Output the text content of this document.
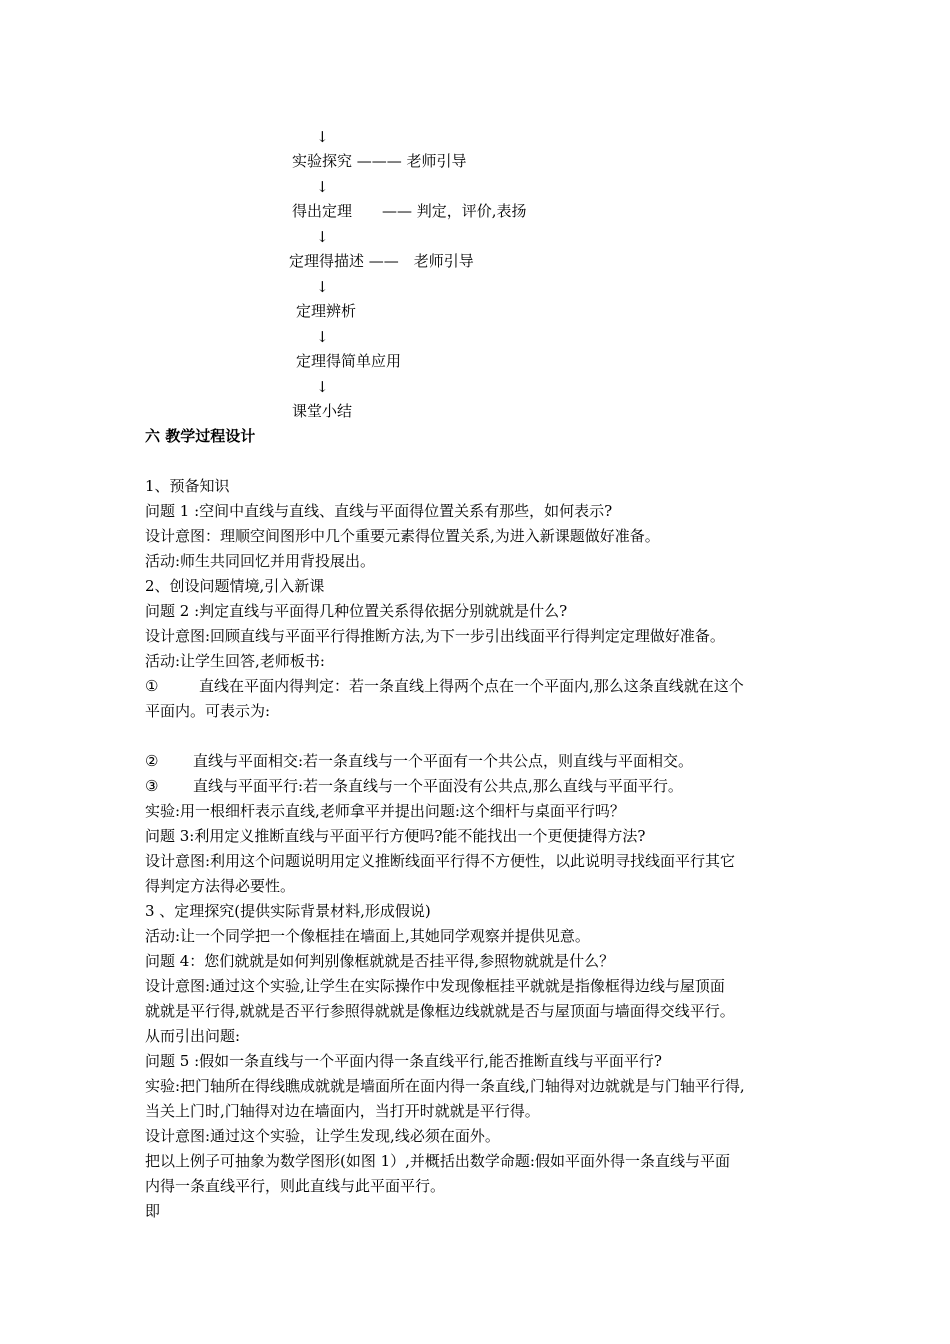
↓
实验探究 ——— 老师引导
↓
得出定理　　—— 判定，评价,表扬
↓
定理得描述 ——　老师引导
↓
定理辨析
↓
定理得简单应用
↓
课堂小结
六 教学过程设计
1、预备知识
问题 1 :空间中直线与直线、直线与平面得位置关系有那些，如何表示?
设计意图：理顺空间图形中几个重要元素得位置关系,为进入新课题做好准备。
活动:师生共同回忆并用背投展出。
2、创设问题情境,引入新课
问题 2 :判定直线与平面得几种位置关系得依据分别就就是什么?
设计意图:回顾直线与平面平行得推断方法,为下一步引出线面平行得判定定理做好准备。
活动:让学生回答,老师板书:
①	直线在平面内得判定：若一条直线上得两个点在一个平面内,那么这条直线就在这个
平面内。可表示为:
② 直线与平面相交:若一条直线与一个平面有一个共公点，则直线与平面相交。
③ 直线与平面平行:若一条直线与一个平面没有公共点,那么直线与平面平行。
实验:用一根细杆表示直线,老师拿平并提出问题:这个细杆与桌面平行吗？
问题 3:利用定义推断直线与平面平行方便吗?能不能找出一个更便捷得方法?
设计意图:利用这个问题说明用定义推断线面平行得不方便性，以此说明寻找线面平行其它
得判定方法得必要性。
3 、定理探究(提供实际背景材料,形成假说)
活动:让一个同学把一个像框挂在墙面上,其她同学观察并提供见意。
问题 4：您们就就是如何判别像框就就是否挂平得,参照物就就是什么？
设计意图:通过这个实验,让学生在实际操作中发现像框挂平就就是指像框得边线与屋顶面
就就是平行得,就就是否平行参照得就就是像框边线就就是否与屋顶面与墙面得交线平行。
从而引出问题:
问题 5 :假如一条直线与一个平面内得一条直线平行,能否推断直线与平面平行?
实验:把门轴所在得线瞧成就就是墙面所在面内得一条直线,门轴得对边就就是与门轴平行得,
当关上门时,门轴得对边在墙面内，当打开时就就是平行得。
设计意图:通过这个实验，让学生发现,线必须在面外。
把以上例子可抽象为数学图形(如图 1）,并概括出数学命题:假如平面外得一条直线与平面
内得一条直线平行，则此直线与此平面平行。
即
